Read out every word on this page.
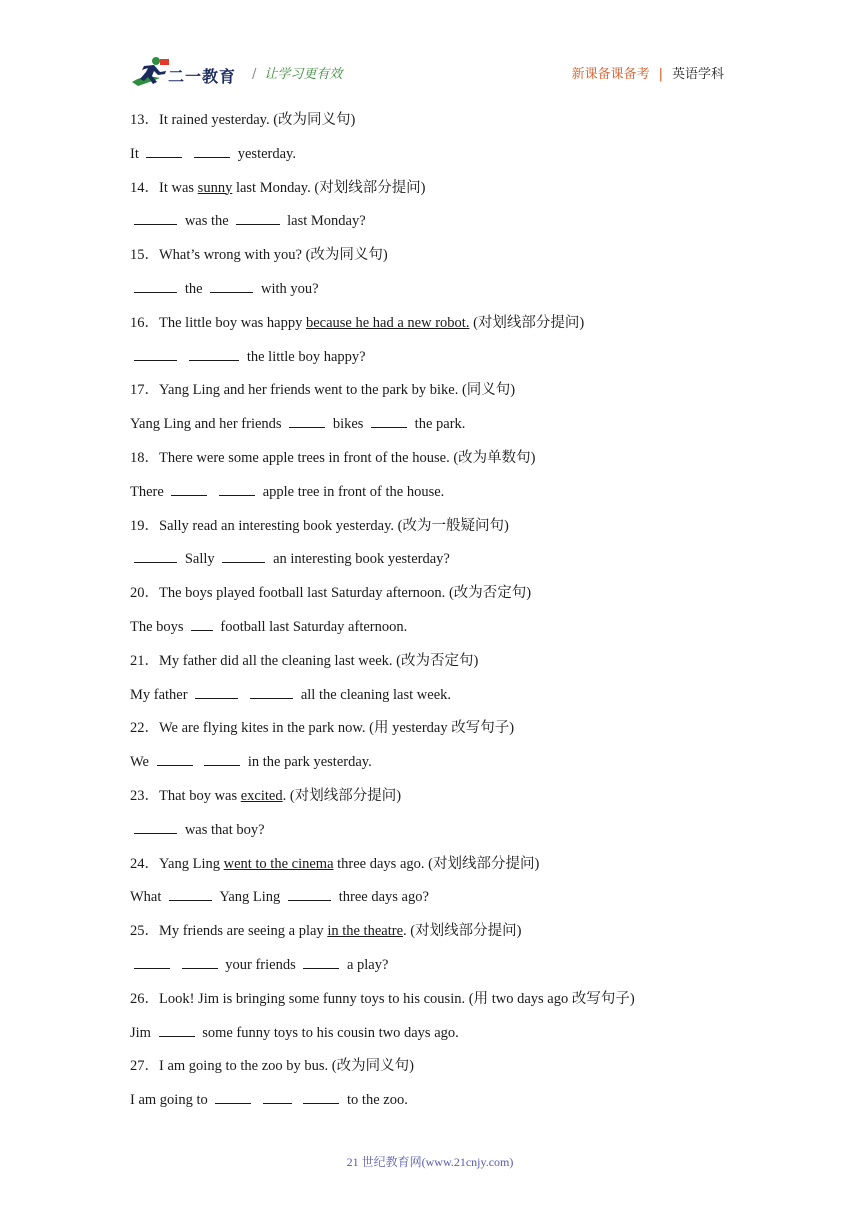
二一教育 / 让学习更有效	新课备课备考 | 英语学科
13．It rained yesterday. (改为同义句)
It	yesterday.
14．It was sunny last Monday. (对划线部分提问)
was the	last Monday?
15．What’s wrong with you? (改为同义句)
the	with you?
16．The little boy was happy because he had a new robot. (对划线部分提问)
the little boy happy?
17．Yang Ling and her friends went to the park by bike. (同义句)
Yang Ling and her friends	bikes	the park.
18．There were some apple trees in front of the house. (改为单数句)
There	apple tree in front of the house.
19．Sally read an interesting book yesterday. (改为一般疑问句)
Sally	an interesting book yesterday?
20．The boys played football last Saturday afternoon. (改为否定句)
The boys	football last Saturday afternoon.
21．My father did all the cleaning last week. (改为否定句)
My father	all the cleaning last week.
22．We are flying kites in the park now. (用 yesterday 改写句子)
We	in the park yesterday.
23．That boy was excited. (对划线部分提问)
was that boy?
24．Yang Ling went to the cinema three days ago. (对划线部分提问)
What	Yang Ling	three days ago?
25．My friends are seeing a play in the theatre. (对划线部分提问)
your friends	a play?
26．Look! Jim is bringing some funny toys to his cousin. (用 two days ago 改写句子)
Jim	some funny toys to his cousin two days ago.
27．I am going to the zoo by bus. (改为同义句)
I am going to	to the zoo.
21 世纪教育网(www.21cnjy.com)
